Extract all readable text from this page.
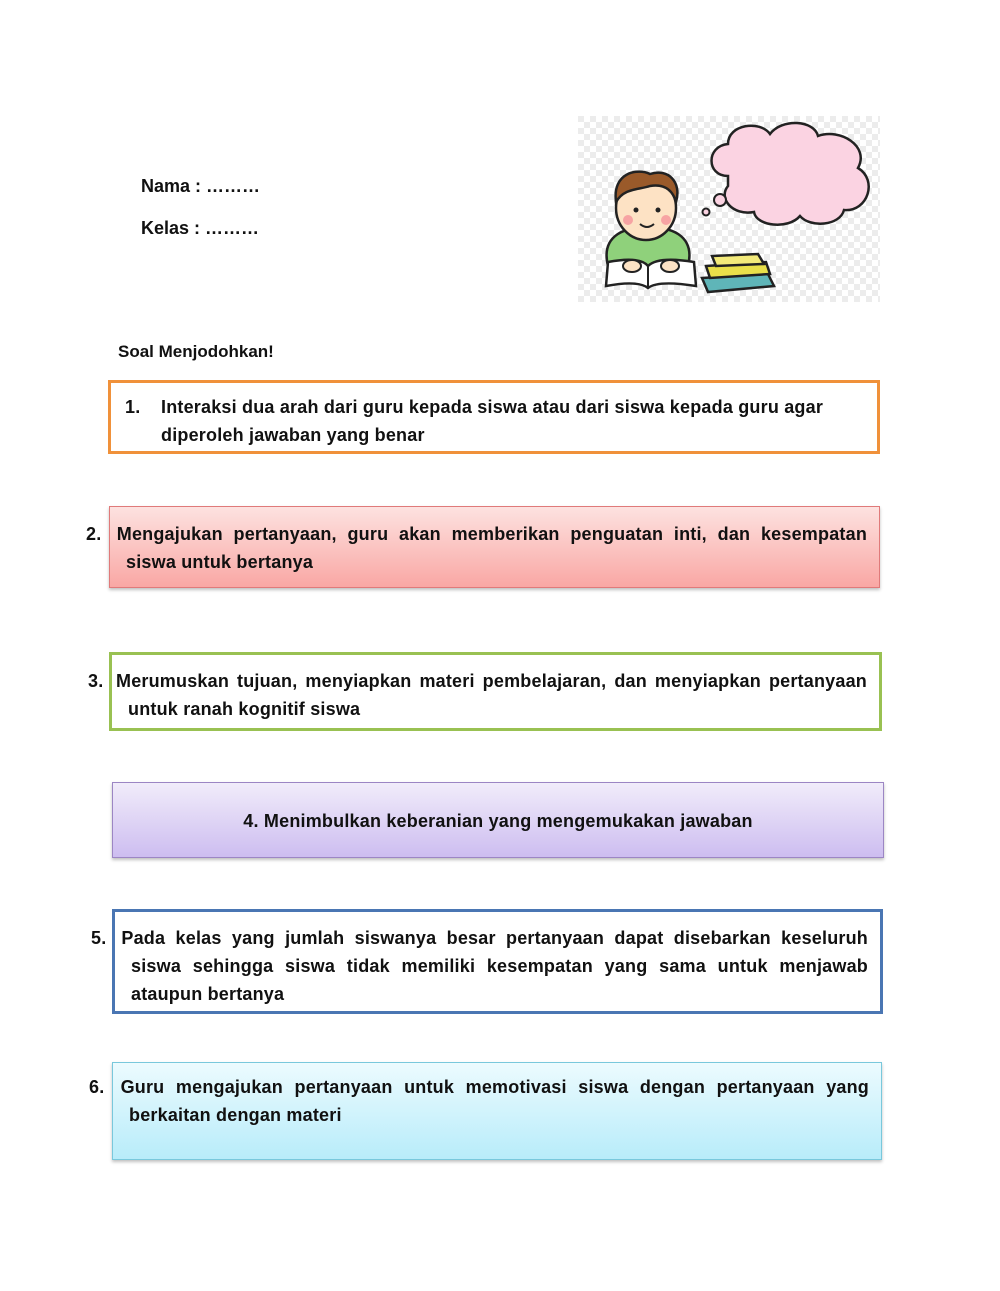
Nama : ………
Kelas : ………
Soal Menjodohkan!
1.	Interaksi dua arah dari guru kepada siswa atau dari siswa kepada guru agar diperoleh jawaban yang benar
2. Mengajukan pertanyaan, guru akan memberikan penguatan inti, dan kesempatan siswa untuk bertanya
3. Merumuskan tujuan, menyiapkan materi pembelajaran, dan menyiapkan pertanyaan untuk ranah kognitif siswa
4. Menimbulkan keberanian yang mengemukakan jawaban
5. Pada kelas yang jumlah siswanya besar pertanyaan dapat disebarkan keseluruh siswa sehingga siswa tidak memiliki kesempatan yang sama untuk menjawab ataupun bertanya
6. Guru mengajukan pertanyaan untuk memotivasi siswa dengan pertanyaan yang berkaitan dengan materi
